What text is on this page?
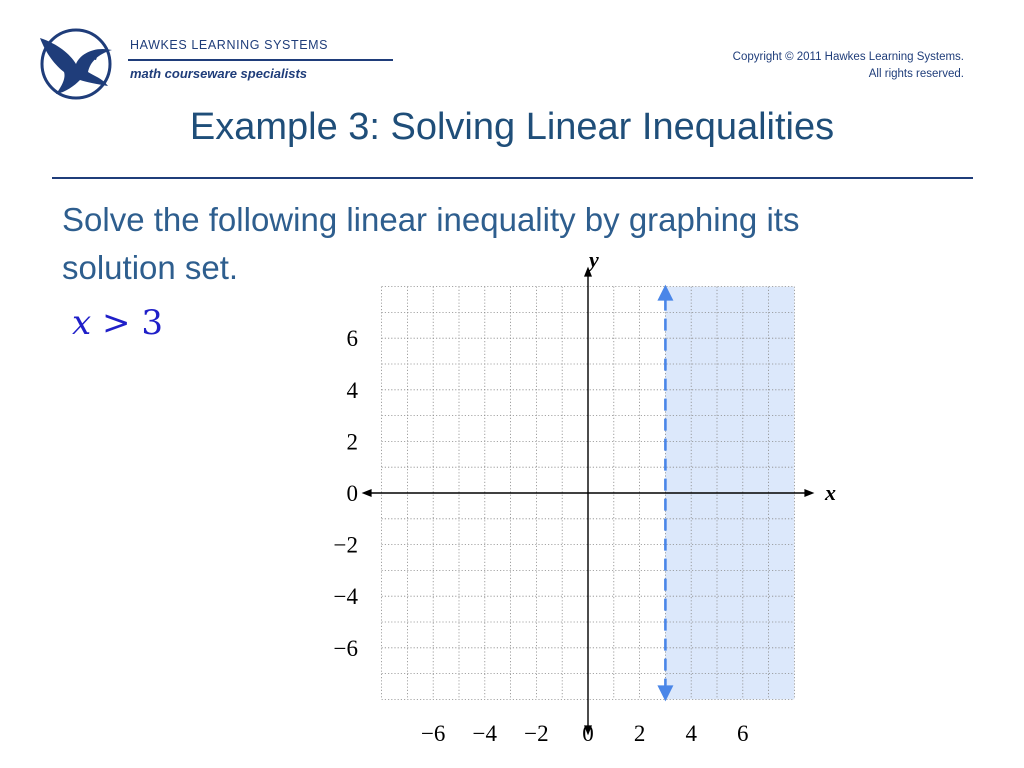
HAWKES LEARNING SYSTEMS
math courseware specialists
Copyright © 2011 Hawkes Learning Systems.
All rights reserved.
Example 3: Solving Linear Inequalities
Solve the following linear inequality by graphing its solution set.
x > 3
−6 −4 −2 0 2 4 6
6
4
2
0
−2
−4
−6
y
x
